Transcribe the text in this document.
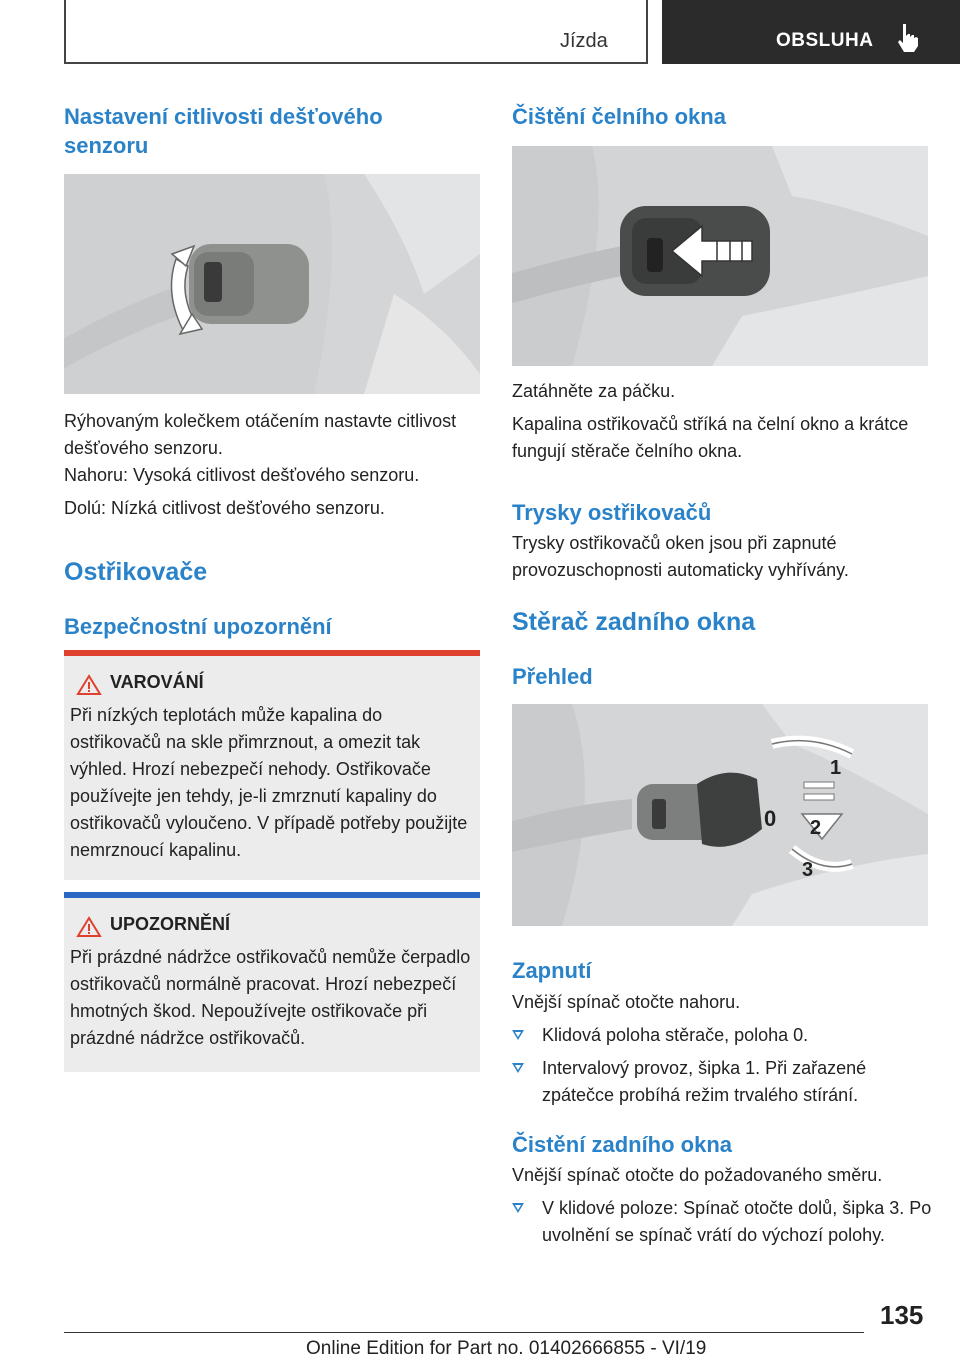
Jízda	OBSLUHA
Nastavení citlivosti dešťového senzoru

Rýhovaným kolečkem otáčením nastavte citlivost dešťového senzoru.

Nahoru: Vysoká citlivost dešťového senzoru.

Dolú: Nízká citlivost dešťového senzoru.

Ostřikovače
Bezpečnostní upozornění
VAROVÁNÍ
Při nízkých teplotách může kapalina do ostřikovačů na skle přimrznout, a omezit tak výhled. Hrozí nebezpečí nehody. Ostřikovače používejte jen tehdy, je-li zmrznutí kapaliny do ostřikovačů vyloučeno. V případě potřeby použijte nemrznoucí kapalinu.
UPOZORNĚNÍ
Při prázdné nádržce ostřikovačů nemůže čerpadlo ostřikovačů normálně pracovat. Hrozí nebezpečí hmotných škod. Nepoužívejte ostřikovače při prázdné nádržce ostřikovačů.
Čištění čelního okna

Zatáhněte za páčku.

Kapalina ostřikovačů stříká na čelní okno a krátce fungují stěrače čelního okna.

Trysky ostřikovačů

Trysky ostřikovačů oken jsou při zapnuté provozuschopnosti automaticky vyhřívány.

Stěrač zadního okna
Přehled
1
0 2
3
Zapnutí

Vnější spínač otočte nahoru.

Klidová poloha stěrače, poloha 0.
Intervalový provoz, šipka 1. Při zařazené zpátečce probíhá režim trvalého stírání.
Čistění zadního okna

Vnější spínač otočte do požadovaného směru.

V klidové poloze: Spínač otočte dolů, šipka 3. Po uvolnění se spínač vrátí do výchozí polohy.
135
Online Edition for Part no. 01402666855 - VI/19
